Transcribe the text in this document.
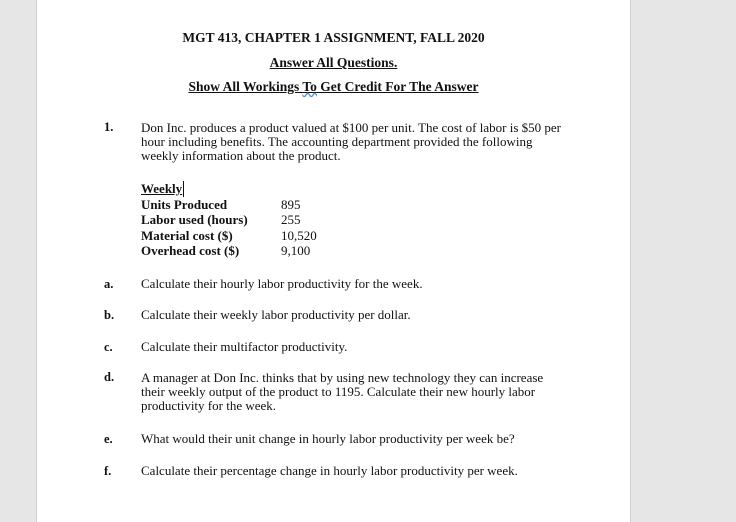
MGT 413, CHAPTER 1 ASSIGNMENT, FALL 2020
Answer All Questions.
Show All Workings To Get Credit For The Answer
1. Don Inc. produces a product valued at $100 per unit. The cost of labor is $50 per hour including benefits. The accounting department provided the following weekly information about the product.
Weekly
Units Produced	895
Labor used (hours)	255
Material cost ($)	10,520
Overhead cost ($)	9,100
a. Calculate their hourly labor productivity for the week.
b. Calculate their weekly labor productivity per dollar.
c. Calculate their multifactor productivity.
d. A manager at Don Inc. thinks that by using new technology they can increase their weekly output of the product to 1195. Calculate their new hourly labor productivity for the week.
e. What would their unit change in hourly labor productivity per week be?
f. Calculate their percentage change in hourly labor productivity per week.
